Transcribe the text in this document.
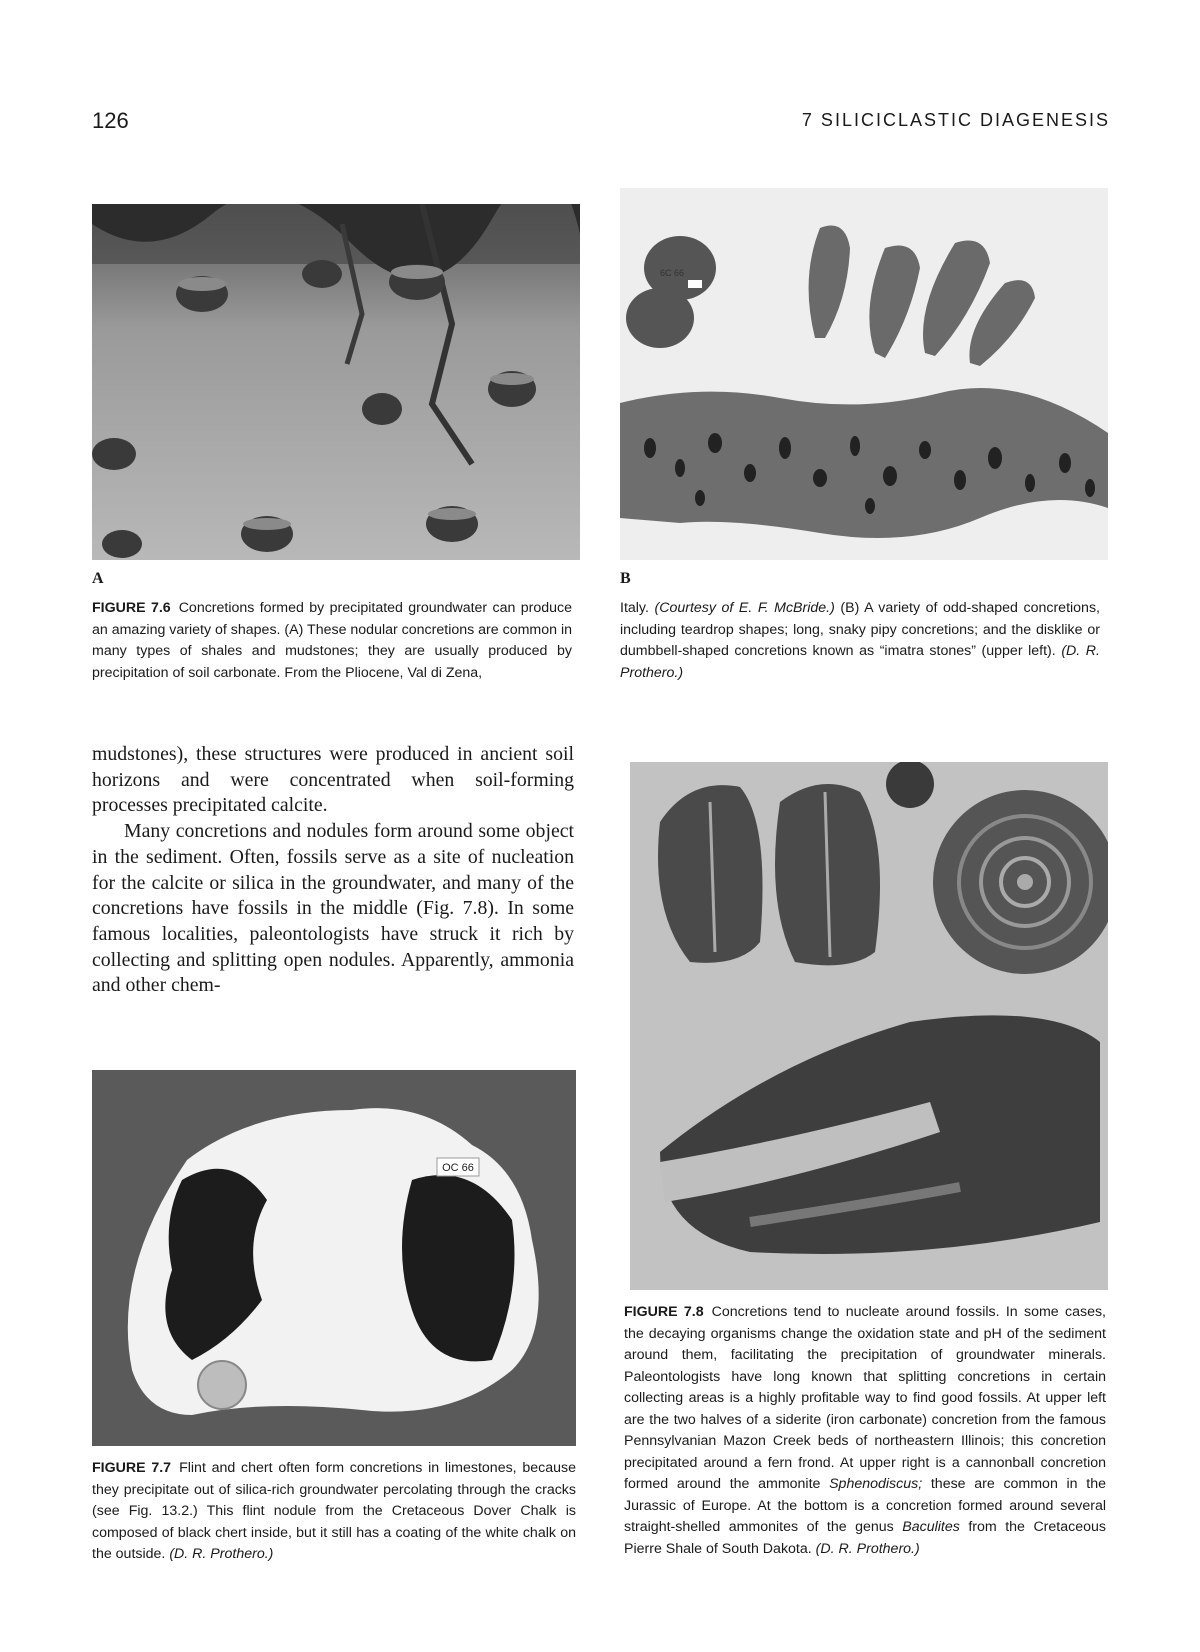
126	7 SILICICLASTIC DIAGENESIS
A	B
FIGURE 7.6 Concretions formed by precipitated groundwater can produce an amazing variety of shapes. (A) These nodular concretions are common in many types of shales and mudstones; they are usually produced by precipitation of soil carbonate. From the Pliocene, Val di Zena,
Italy. (Courtesy of E. F. McBride.) (B) A variety of odd-shaped concretions, including teardrop shapes; long, snaky pipy concretions; and the disklike or dumbbell-shaped concretions known as “imatra stones” (upper left). (D. R. Prothero.)

mudstones), these structures were produced in ancient soil horizons and were concentrated when soil-forming processes precipitated calcite.

Many concretions and nodules form around some object in the sediment. Often, fossils serve as a site of nucleation for the calcite or silica in the groundwater, and many of the concretions have fossils in the middle (Fig. 7.8). In some famous localities, paleontologists have struck it rich by collecting and splitting open nodules. Apparently, ammonia and other chem-

OC 66
FIGURE 7.7 Flint and chert often form concretions in limestones, because they precipitate out of silica-rich groundwater percolating through the cracks (see Fig. 13.2.) This flint nodule from the Cretaceous Dover Chalk is composed of black chert inside, but it still has a coating of the white chalk on the outside. (D. R. Prothero.)
FIGURE 7.8 Concretions tend to nucleate around fossils. In some cases, the decaying organisms change the oxidation state and pH of the sediment around them, facilitating the precipitation of groundwater minerals. Paleontologists have long known that splitting concretions in certain collecting areas is a highly profitable way to find good fossils. At upper left are the two halves of a siderite (iron carbonate) concretion from the famous Pennsylvanian Mazon Creek beds of northeastern Illinois; this concretion precipitated around a fern frond. At upper right is a cannonball concretion formed around the ammonite Sphenodiscus; these are common in the Jurassic of Europe. At the bottom is a concretion formed around several straight-shelled ammonites of the genus Baculites from the Cretaceous Pierre Shale of South Dakota. (D. R. Prothero.)
6C 66
